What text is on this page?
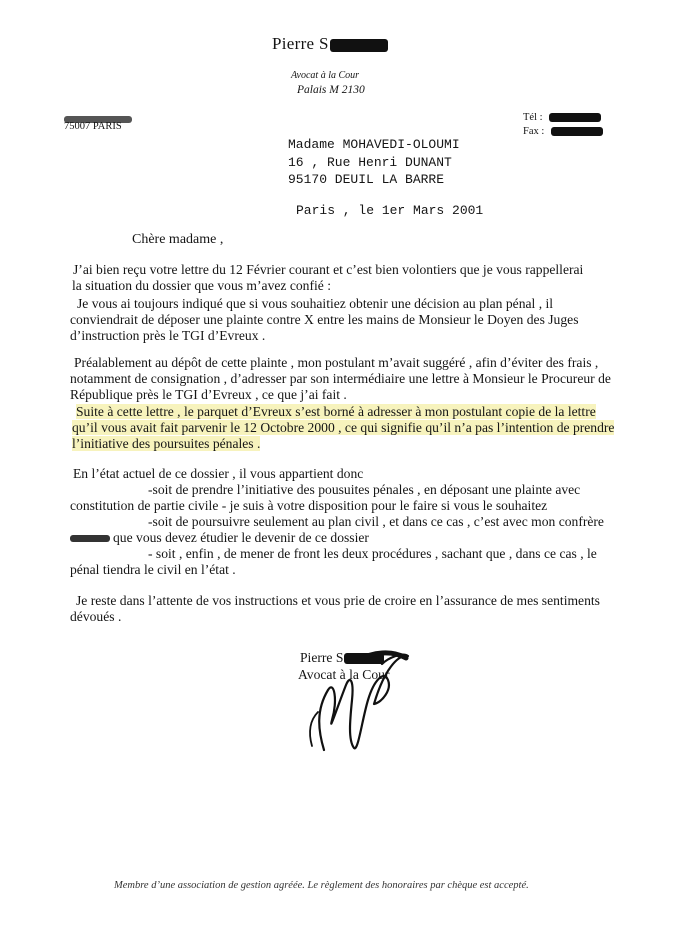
Pierre S
Avocat à la Cour
Palais M 2130
75007 PARIS
Tél :
Fax :
Madame MOHAVEDI-OLOUMI
16 , Rue Henri DUNANT
95170 DEUIL LA BARRE
Paris , le 1er Mars 2001
Chère madame ,
J’ai bien reçu votre lettre du 12 Février courant et c’est bien volontiers que je vous rappellerai
la situation du dossier que vous m’avez confié :
Je vous ai toujours indiqué que si vous souhaitiez obtenir une décision au plan pénal , il
conviendrait de déposer une plainte contre X entre les mains de Monsieur le Doyen des Juges
d’instruction près le TGI d’Evreux .
Préalablement au dépôt de cette plainte , mon postulant m’avait suggéré , afin d’éviter des frais ,
notamment de consignation , d’adresser par son intermédiaire une lettre à Monsieur le Procureur de
République près le TGI d’Evreux , ce que j’ai fait .
Suite à cette lettre , le parquet d’Evreux s’est borné à adresser à mon postulant copie de la lettre
qu’il vous avait fait parvenir le 12 Octobre 2000 , ce qui signifie qu’il n’a pas l’intention de prendre
l’initiative des poursuites pénales .
En l’état actuel de ce dossier , il vous appartient donc
-soit de prendre l’initiative des pousuites pénales , en déposant une plainte avec
constitution de partie civile - je suis à votre disposition pour le faire si vous le souhaitez
-soit de poursuivre seulement au plan civil , et dans ce cas , c’est avec mon confrère
que vous devez étudier le devenir de ce dossier
- soit , enfin , de mener de front les deux procédures , sachant que , dans ce cas , le
pénal tiendra le civil en l’état .
Je reste dans l’attente de vos instructions et vous prie de croire en l’assurance de mes sentiments
dévoués .
Pierre S
Avocat à la Cour
Membre d’une association de gestion agréée. Le règlement des honoraires par chèque est accepté.
